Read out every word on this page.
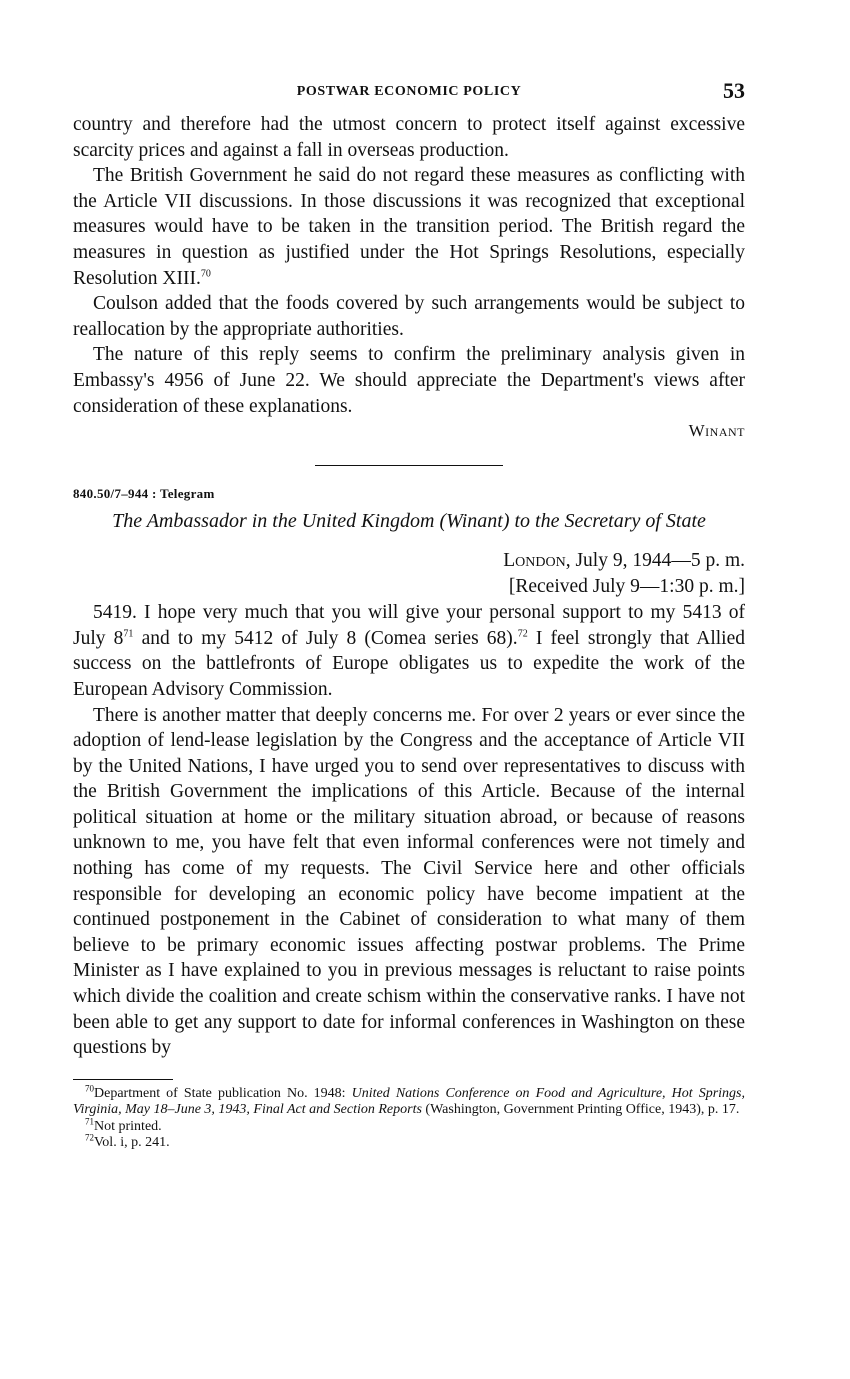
POSTWAR ECONOMIC POLICY	53

country and therefore had the utmost concern to protect itself against excessive scarcity prices and against a fall in overseas production.

The British Government he said do not regard these measures as conflicting with the Article VII discussions. In those discussions it was recognized that exceptional measures would have to be taken in the transition period. The British regard the measures in question as justified under the Hot Springs Resolutions, especially Resolution XIII.$^{70}$

Coulson added that the foods covered by such arrangements would be subject to reallocation by the appropriate authorities.

The nature of this reply seems to confirm the preliminary analysis given in Embassy's 4956 of June 22. We should appreciate the Department's views after consideration of these explanations.

Winant
840.50/7–944 : Telegram
The Ambassador in the United Kingdom (Winant) to the Secretary of State
London, July 9, 1944—5 p. m.
[Received July 9—1:30 p. m.]

5419. I hope very much that you will give your personal support to my 5413 of July $8^{71}$ and to my 5412 of July 8 (Comea series 68).$^{72}$ I feel strongly that Allied success on the battlefronts of Europe obligates us to expedite the work of the European Advisory Commission.

There is another matter that deeply concerns me. For over 2 years or ever since the adoption of lend-lease legislation by the Congress and the acceptance of Article VII by the United Nations, I have urged you to send over representatives to discuss with the British Government the implications of this Article. Because of the internal political situation at home or the military situation abroad, or because of reasons unknown to me, you have felt that even informal conferences were not timely and nothing has come of my requests. The Civil Service here and other officials responsible for developing an economic policy have become impatient at the continued postponement in the Cabinet of consideration to what many of them believe to be primary economic issues affecting postwar problems. The Prime Minister as I have explained to you in previous messages is reluctant to raise points which divide the coalition and create schism within the conservative ranks. I have not been able to get any support to date for informal conferences in Washington on these questions by

$^{70}$Department of State publication No. 1948: United Nations Conference on Food and Agriculture, Hot Springs, Virginia, May 18–June 3, 1943, Final Act and Section Reports (Washington, Government Printing Office, 1943), p. 17.

$^{71}$Not printed.

$^{72}$Vol. i, p. 241.
